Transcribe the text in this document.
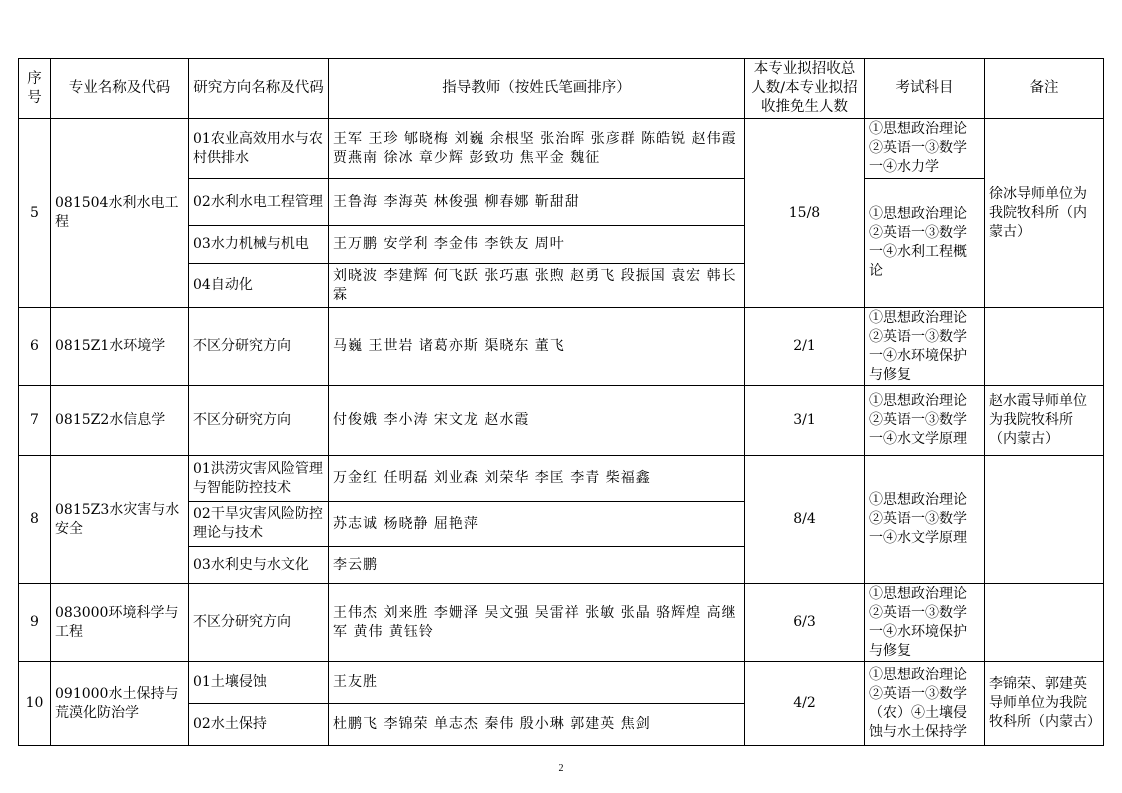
序号	专业名称及代码	研究方向名称及代码	指导教师（按姓氏笔画排序）	本专业拟招收总人数/本专业拟招收推免生人数	考试科目	备注
5	081504水利水电工程	01农业高效用水与农村供排水	王军 王珍 郇晓梅 刘巍 余根坚 张治晖 张彦群 陈皓锐 赵伟霞 贾燕南 徐冰 章少辉 彭致功 焦平金 魏征	15/8	①思想政治理论②英语一③数学一④水力学	徐冰导师单位为我院牧科所（内蒙古）
		02水利水电工程管理	王鲁海 李海英 林俊强 柳春娜 靳甜甜		①思想政治理论②英语一③数学一④水利工程概论	
		03水力机械与机电	王万鹏 安学利 李金伟 李铁友 周叶			
		04自动化	刘晓波 李建辉 何飞跃 张巧惠 张煦 赵勇飞 段振国 袁宏 韩长霖			
6	0815Z1水环境学	不区分研究方向	马巍 王世岩 诸葛亦斯 渠晓东 董飞	2/1	①思想政治理论②英语一③数学一④水环境保护与修复	
7	0815Z2水信息学	不区分研究方向	付俊娥 李小涛 宋文龙 赵水霞	3/1	①思想政治理论②英语一③数学一④水文学原理	赵水霞导师单位为我院牧科所（内蒙古）
8	0815Z3水灾害与水安全	01洪涝灾害风险管理与智能防控技术	万金红 任明磊 刘业森 刘荣华 李匡 李青 柴福鑫	8/4	①思想政治理论②英语一③数学一④水文学原理	
		02干旱灾害风险防控理论与技术	苏志诚 杨晓静 屈艳萍			
		03水利史与水文化	李云鹏			
9	083000环境科学与工程	不区分研究方向	王伟杰 刘来胜 李姗泽 吴文强 吴雷祥 张敏 张晶 骆辉煌 高继军 黄伟 黄钰铃	6/3	①思想政治理论②英语一③数学一④水环境保护与修复	
10	091000水土保持与荒漠化防治学	01土壤侵蚀	王友胜	4/2	①思想政治理论②英语一③数学（农）④土壤侵蚀与水土保持学	李锦荣、郭建英导师单位为我院牧科所（内蒙古）
		02水土保持	杜鹏飞 李锦荣 单志杰 秦伟 殷小琳 郭建英 焦剑			
2
